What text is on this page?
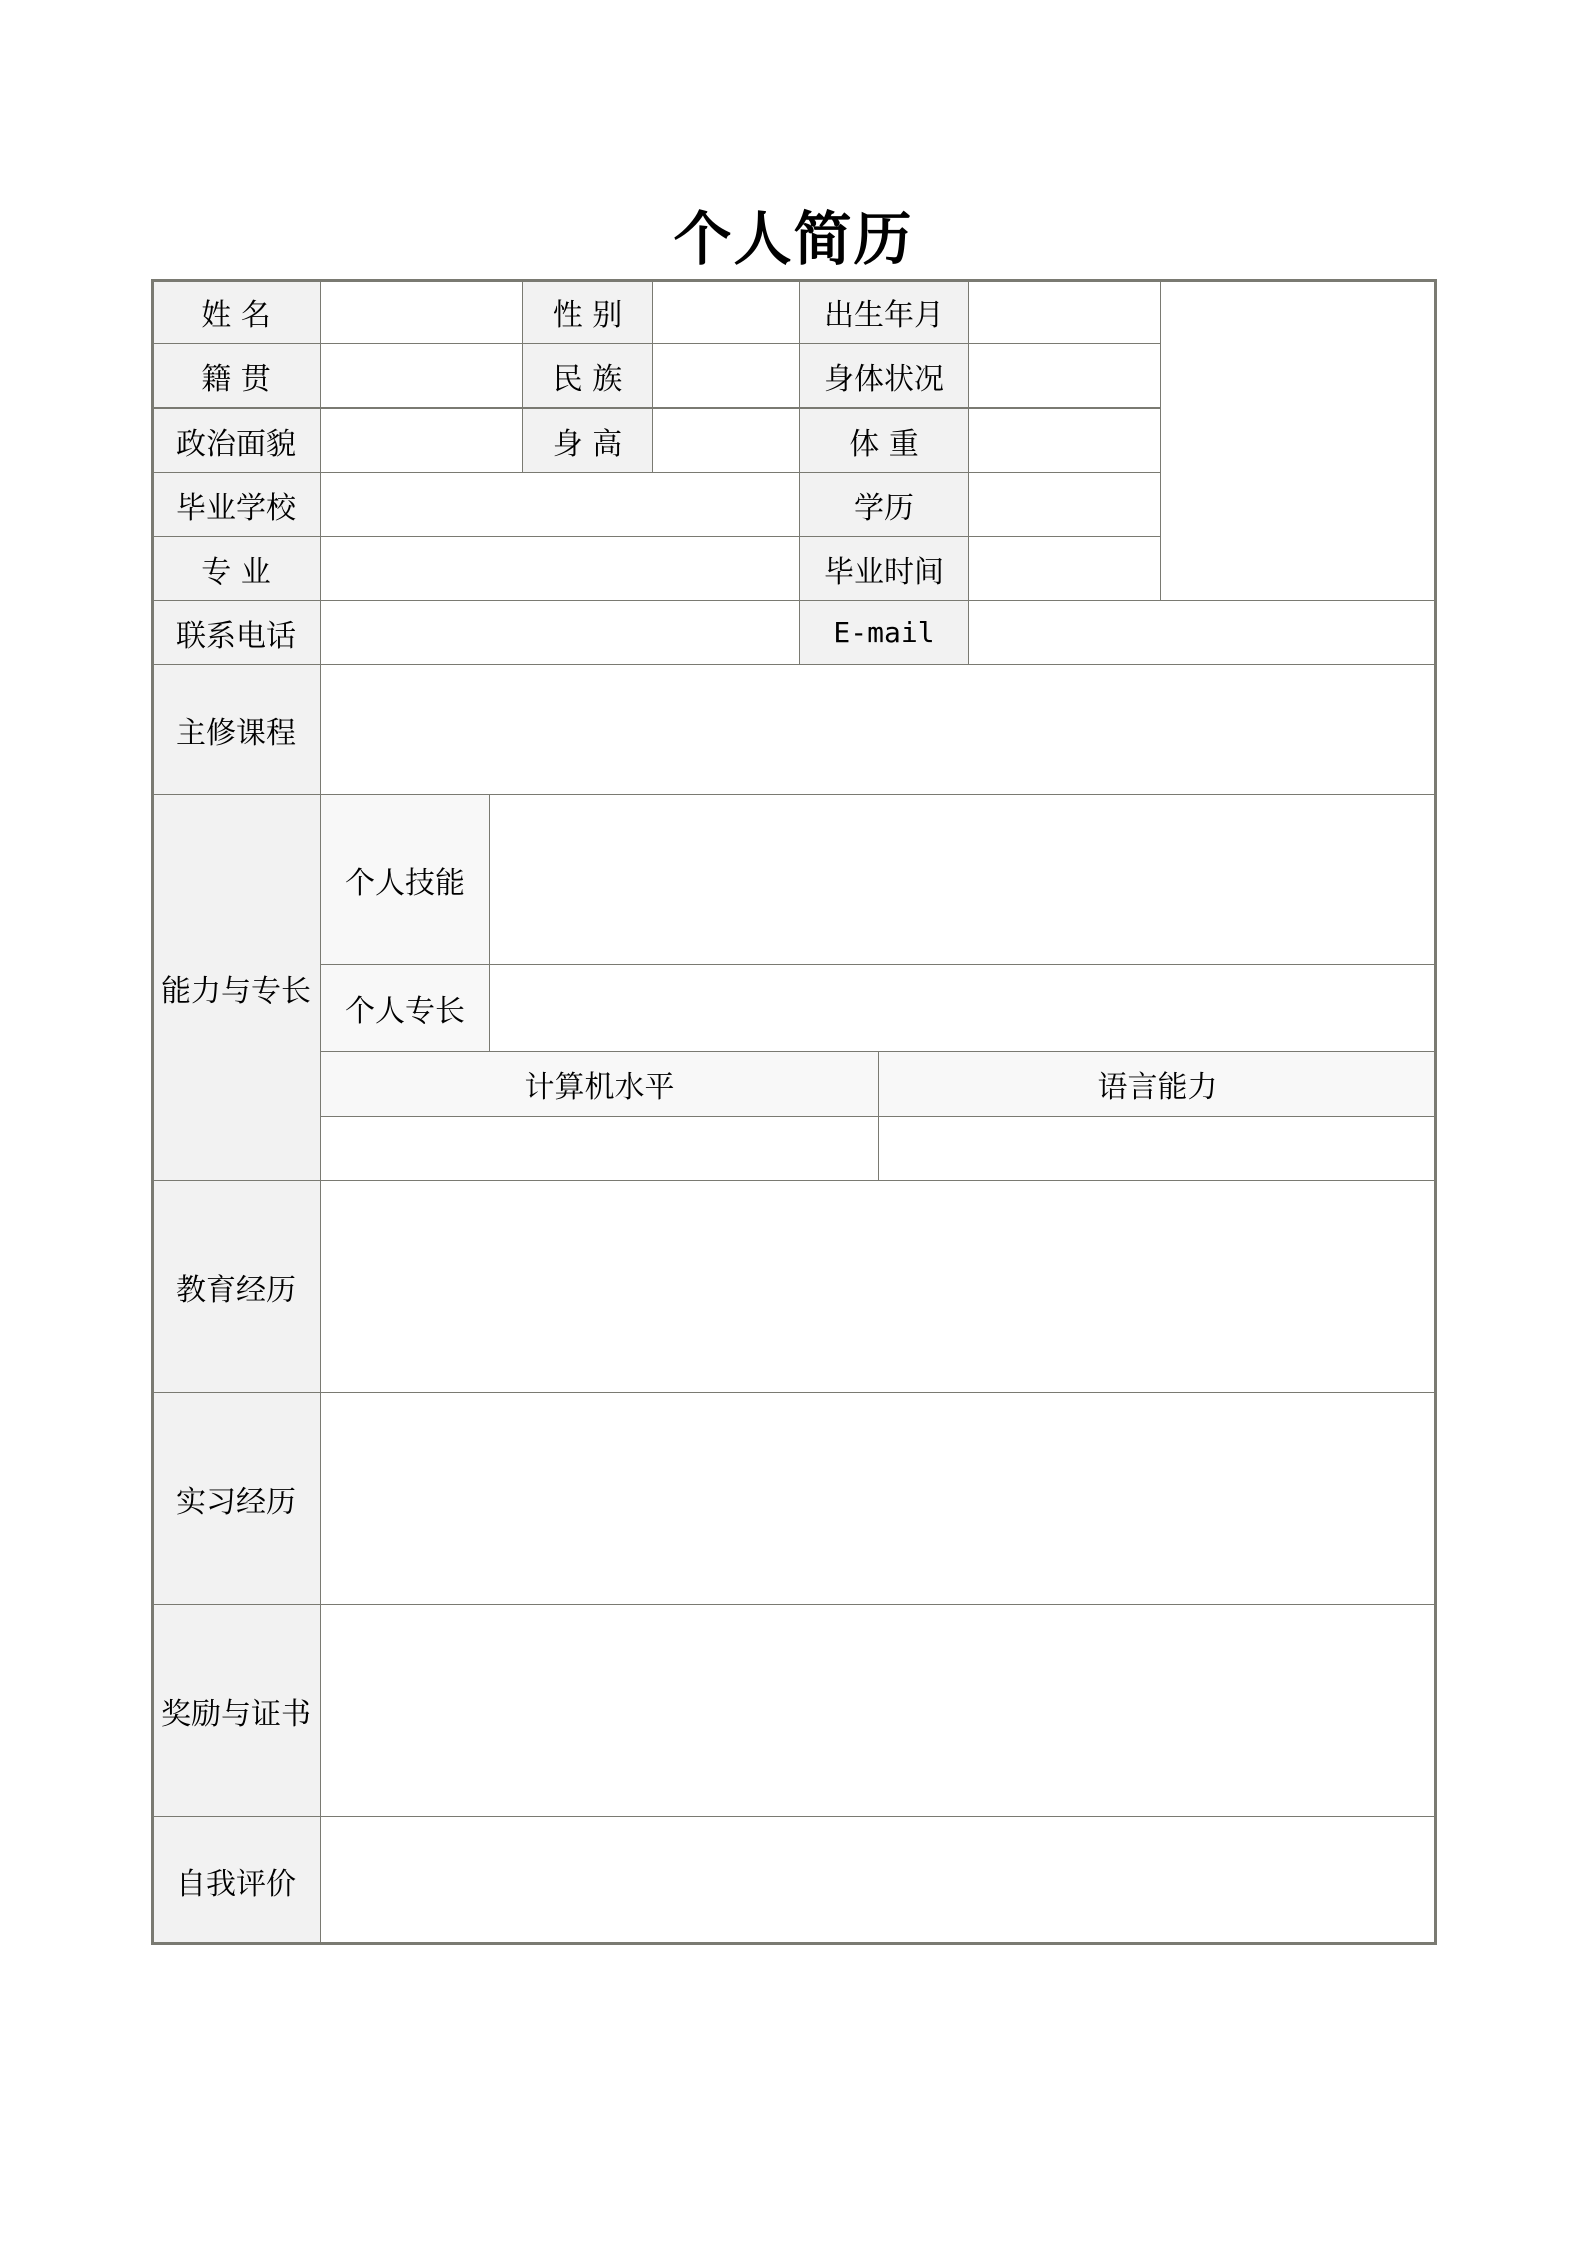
个人简历
姓 名	性 别	出生年月
籍 贯	民 族	身体状况
政治面貌	身 高	体 重
毕业学校	学历
专 业	毕业时间
联系电话	E-mail
主修课程
能力与专长
个人技能
个人专长
计算机水平	语言能力
教育经历
实习经历
奖励与证书
自我评价
